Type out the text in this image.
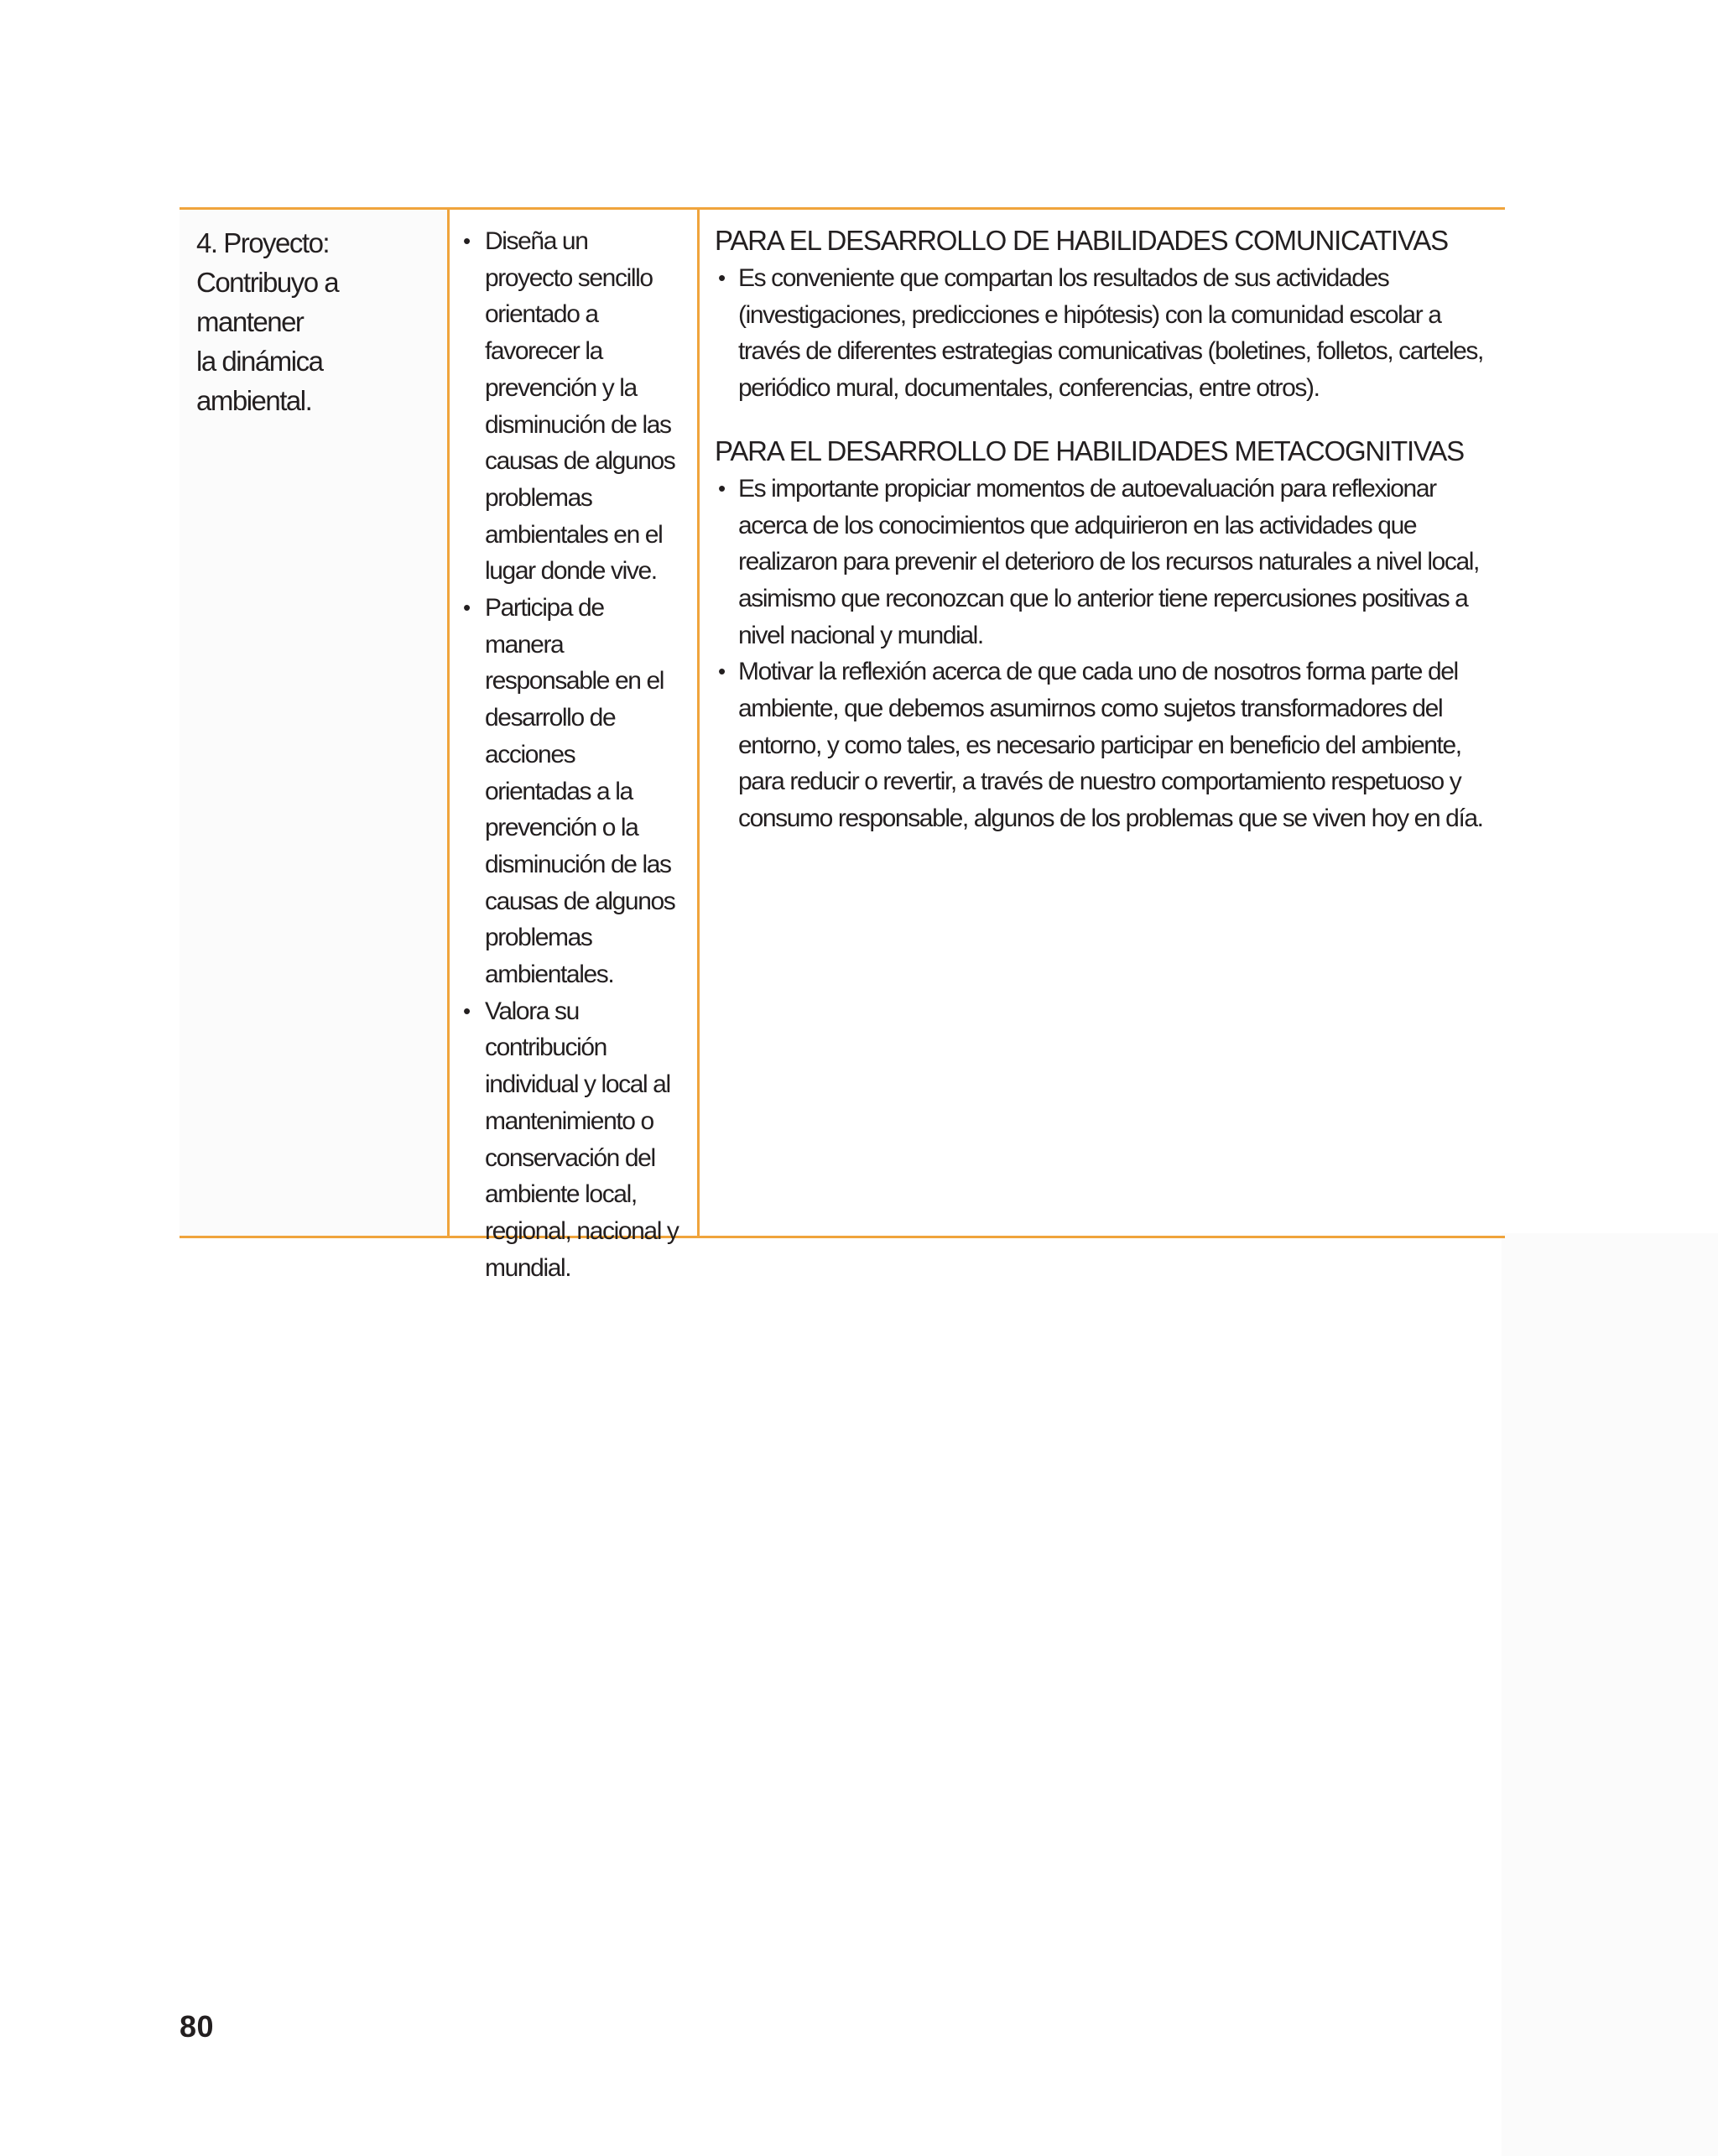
4. Proyecto:
Contribuyo a mantener
la dinámica ambiental.

• Diseña un proyecto sencillo orientado a favorecer la prevención y la disminución de las causas de algunos problemas ambientales en el lugar donde vive.
• Participa de manera responsable en el desarrollo de acciones orientadas a la prevención o la disminución de las causas de algunos problemas ambientales.
• Valora su contribución individual y local al mantenimiento o conservación del ambiente local, regional, nacional y mundial.
PARA EL DESARROLLO DE HABILIDADES COMUNICATIVAS
• Es conveniente que compartan los resultados de sus actividades (investigaciones, predicciones e hipótesis) con la comunidad escolar a través de diferentes estrategias comunicativas (boletines, folletos, carteles, periódico mural, documentales, conferencias, entre otros).
PARA EL DESARROLLO DE HABILIDADES METACOGNITIVAS
• Es importante propiciar momentos de autoevaluación para reflexionar acerca de los conocimientos que adquirieron en las actividades que realizaron para prevenir el deterioro de los recursos naturales a nivel local, asimismo que reconozcan que lo anterior tiene repercusiones positivas a nivel nacional y mundial.
• Motivar la reflexión acerca de que cada uno de nosotros forma parte del ambiente, que debemos asumirnos como sujetos transformadores del entorno, y como tales, es necesario participar en beneficio del ambiente, para reducir o revertir, a través de nuestro comportamiento respetuoso y consumo responsable, algunos de los problemas que se viven hoy en día.
80
